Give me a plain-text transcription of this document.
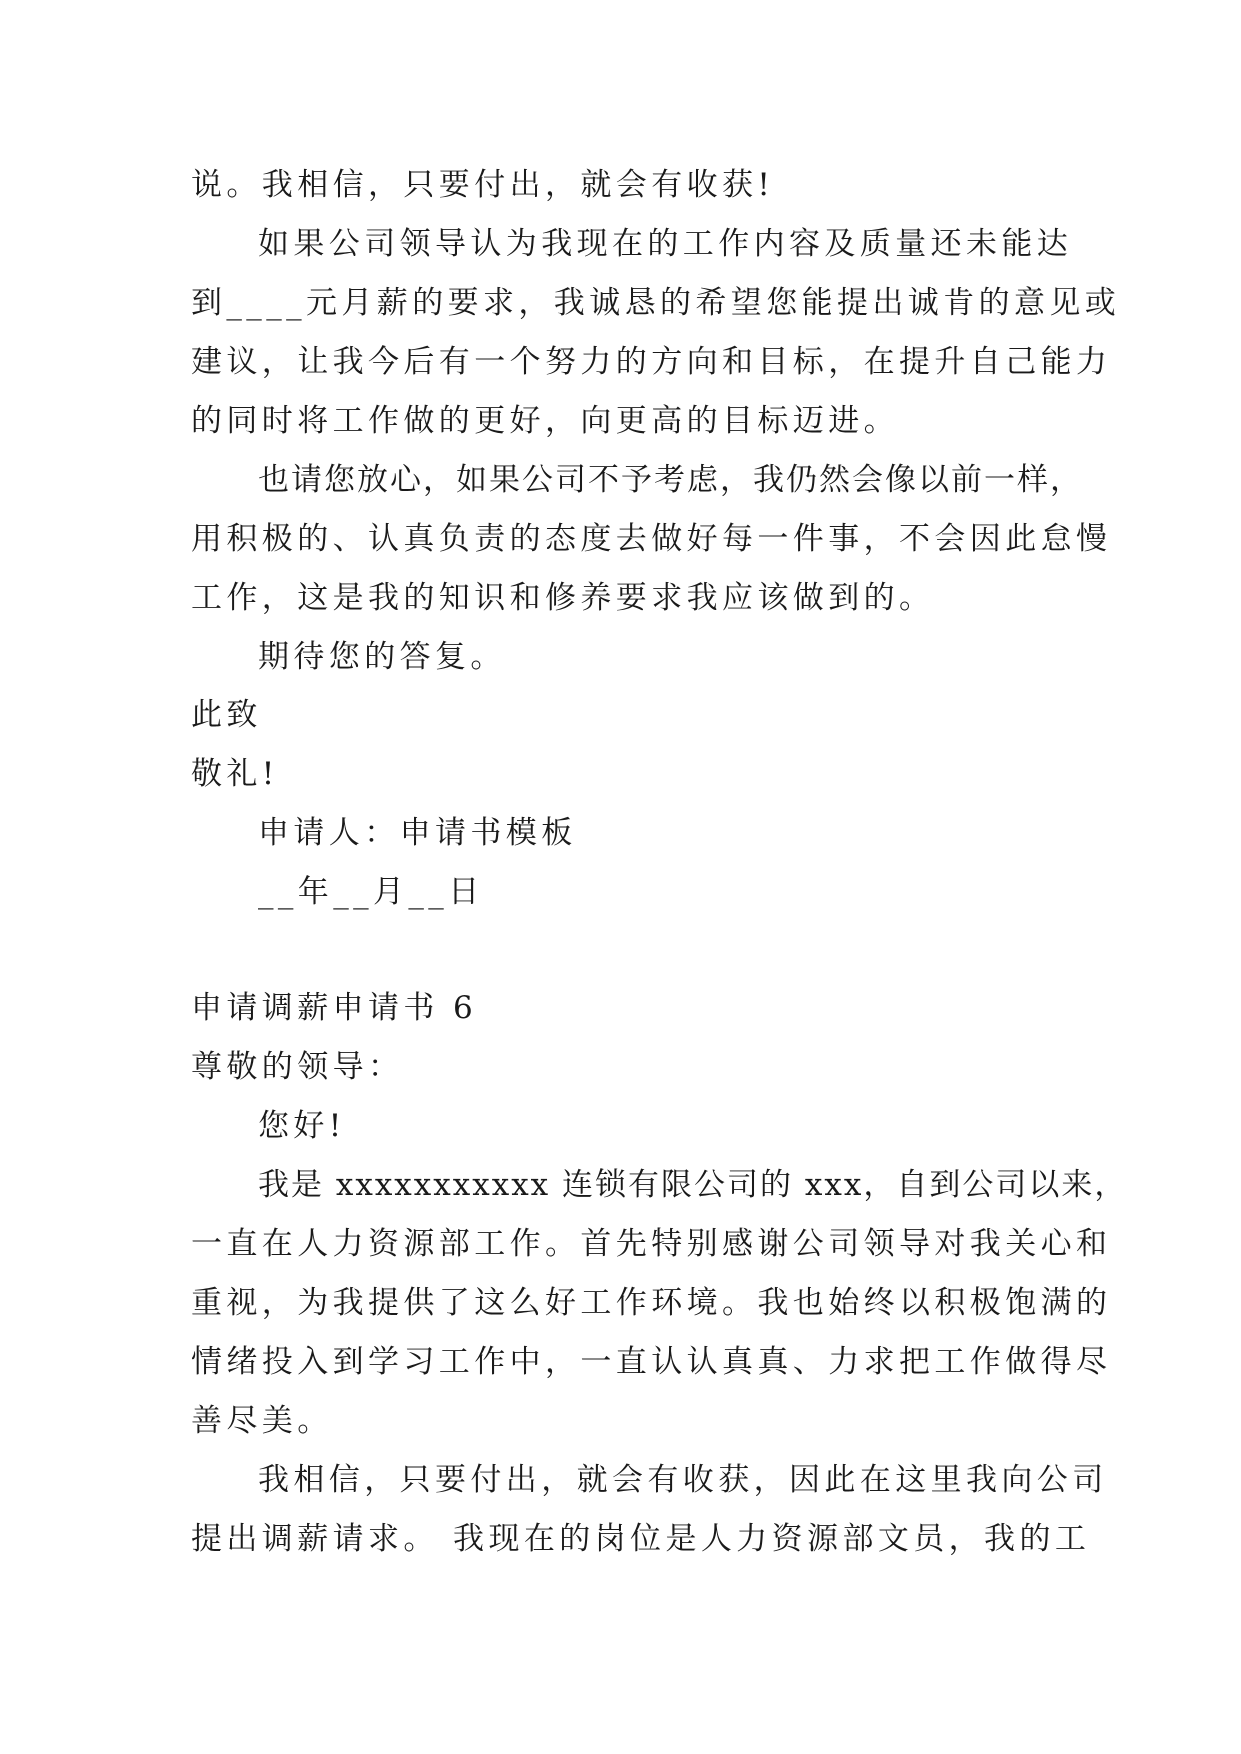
说。我相信，只要付出，就会有收获!
如果公司领导认为我现在的工作内容及质量还未能达
到____元月薪的要求，我诚恳的希望您能提出诚肯的意见或
建议，让我今后有一个努力的方向和目标，在提升自己能力
的同时将工作做的更好，向更高的目标迈进。
也请您放心，如果公司不予考虑，我仍然会像以前一样，
用积极的、认真负责的态度去做好每一件事，不会因此怠慢
工作，这是我的知识和修养要求我应该做到的。
期待您的答复。
此致
敬礼!
申请人：申请书模板
__年__月__日
申请调薪申请书 6
尊敬的领导：
您好!
我是 xxxxxxxxxxx 连锁有限公司的 xxx，自到公司以来，
一直在人力资源部工作。首先特别感谢公司领导对我关心和
重视，为我提供了这么好工作环境。我也始终以积极饱满的
情绪投入到学习工作中，一直认认真真、力求把工作做得尽
善尽美。
我相信，只要付出，就会有收获，因此在这里我向公司
提出调薪请求。 我现在的岗位是人力资源部文员，我的工
